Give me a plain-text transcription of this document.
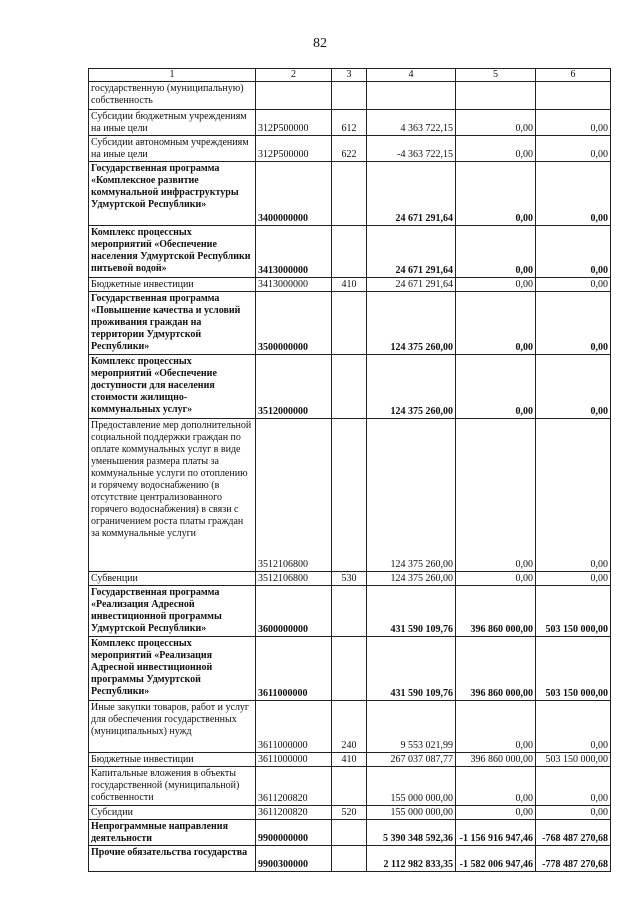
82
1	2	3	4	5	6
государственную (муниципальную) собственность					
Субсидии бюджетным учреждениям на иные цели	312Р500000	612	4 363 722,15	0,00	0,00
Субсидии автономным учреждениям на иные цели	312Р500000	622	-4 363 722,15	0,00	0,00
Государственная программа «Комплексное развитие коммунальной инфраструктуры Удмуртской Республики»	3400000000		24 671 291,64	0,00	0,00
Комплекс процессных мероприятий «Обеспечение населения Удмуртской Республики питьевой водой»	3413000000		24 671 291,64	0,00	0,00
Бюджетные инвестиции	3413000000	410	24 671 291,64	0,00	0,00
Государственная программа «Повышение качества и условий проживания граждан на территории Удмуртской Республики»	3500000000		124 375 260,00	0,00	0,00
Комплекс процессных мероприятий «Обеспечение доступности для населения стоимости жилищно-коммунальных услуг»	3512000000		124 375 260,00	0,00	0,00
Предоставление мер дополнительной социальной поддержки граждан по оплате коммунальных услуг в виде уменьшения размера платы за коммунальные услуги по отоплению и горячему водоснабжению (в отсутствие централизованного горячего водоснабжения) в связи с ограничением роста платы граждан за коммунальные услуги	3512106800		124 375 260,00	0,00	0,00
Субвенции	3512106800	530	124 375 260,00	0,00	0,00
Государственная программа «Реализация Адресной инвестиционной программы Удмуртской Республики»	3600000000		431 590 109,76	396 860 000,00	503 150 000,00
Комплекс процессных мероприятий «Реализация Адресной инвестиционной программы Удмуртской Республики»	3611000000		431 590 109,76	396 860 000,00	503 150 000,00
Иные закупки товаров, работ и услуг для обеспечения государственных (муниципальных) нужд	3611000000	240	9 553 021,99	0,00	0,00
Бюджетные инвестиции	3611000000	410	267 037 087,77	396 860 000,00	503 150 000,00
Капитальные вложения в объекты государственной (муниципальной) собственности	3611200820		155 000 000,00	0,00	0,00
Субсидии	3611200820	520	155 000 000,00	0,00	0,00
Непрограммные направления деятельности	9900000000		5 390 348 592,36	-1 156 916 947,46	-768 487 270,68
Прочие обязательства государства	9900300000		2 112 982 833,35	-1 582 006 947,46	-778 487 270,68
